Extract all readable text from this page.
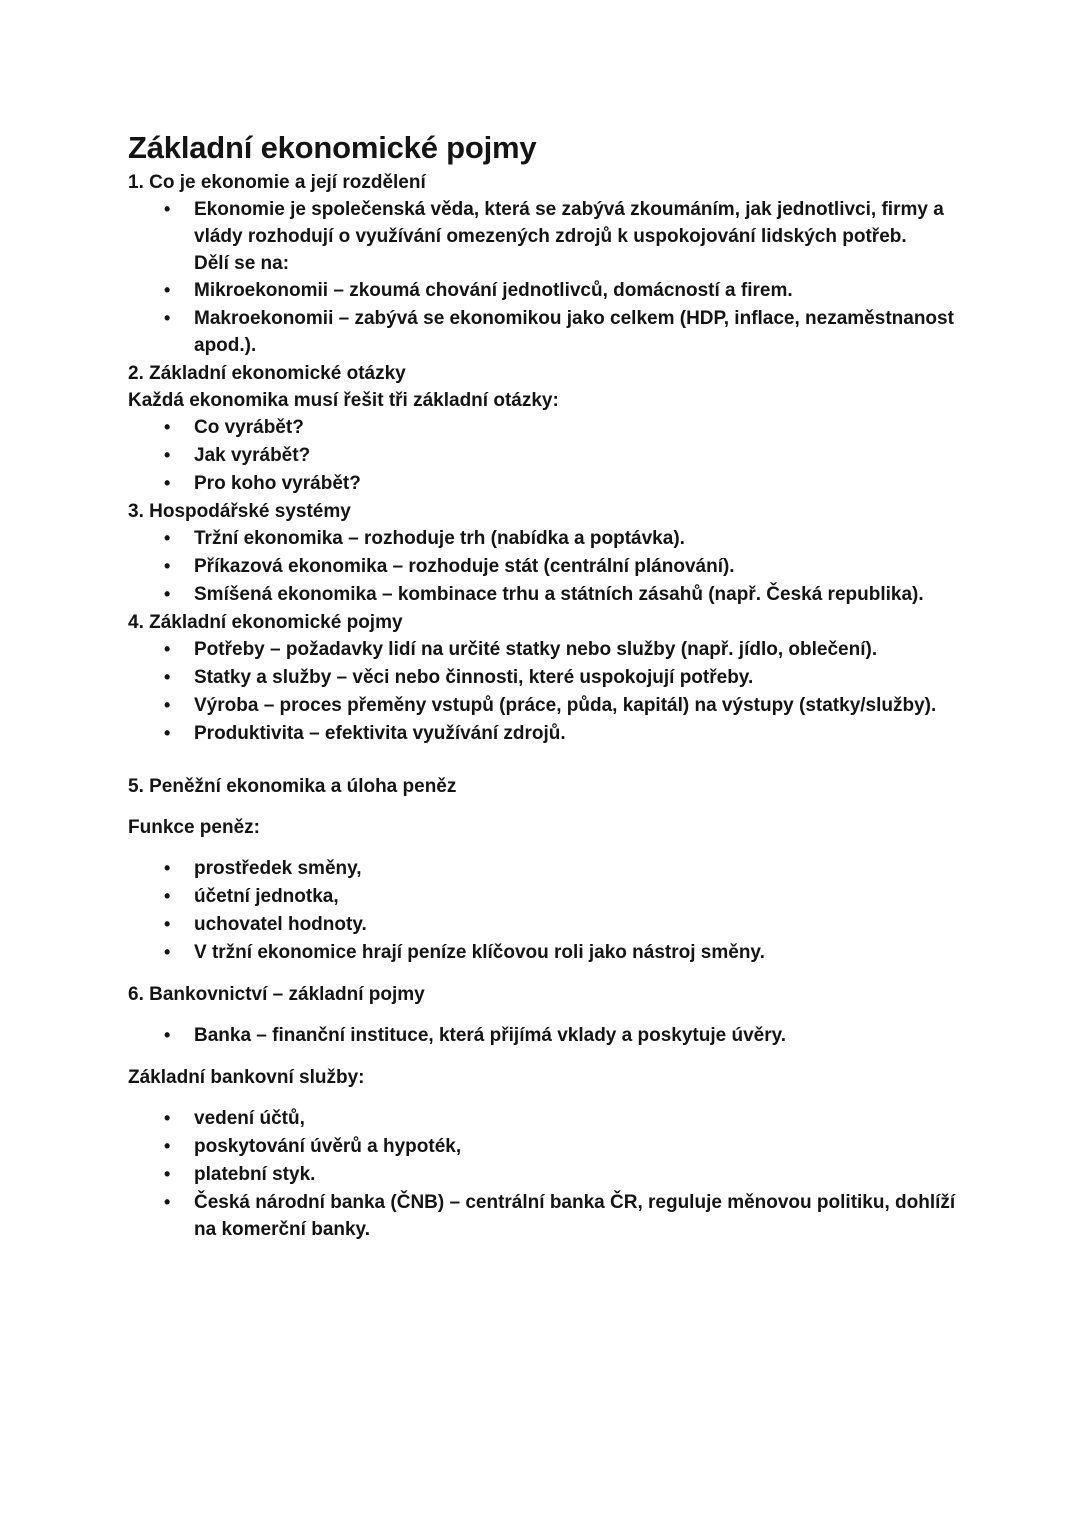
Základní ekonomické pojmy
1. Co je ekonomie a její rozdělení
•	Ekonomie je společenská věda, která se zabývá zkoumáním, jak jednotlivci, firmy a vlády rozhodují o využívání omezených zdrojů k uspokojování lidských potřeb.
Dělí se na:
•	Mikroekonomii – zkoumá chování jednotlivců, domácností a firem.
•	Makroekonomii – zabývá se ekonomikou jako celkem (HDP, inflace, nezaměstnanost apod.).
2. Základní ekonomické otázky
Každá ekonomika musí řešit tři základní otázky:
•	Co vyrábět?
•	Jak vyrábět?
•	Pro koho vyrábět?
3. Hospodářské systémy
•	Tržní ekonomika – rozhoduje trh (nabídka a poptávka).
•	Příkazová ekonomika – rozhoduje stát (centrální plánování).
•	Smíšená ekonomika – kombinace trhu a státních zásahů (např. Česká republika).
4. Základní ekonomické pojmy
•	Potřeby – požadavky lidí na určité statky nebo služby (např. jídlo, oblečení).
•	Statky a služby – věci nebo činnosti, které uspokojují potřeby.
•	Výroba – proces přeměny vstupů (práce, půda, kapitál) na výstupy (statky/služby).
•	Produktivita – efektivita využívání zdrojů.
5. Peněžní ekonomika a úloha peněz
Funkce peněz:
•	prostředek směny,
•	účetní jednotka,
•	uchovatel hodnoty.
•	V tržní ekonomice hrají peníze klíčovou roli jako nástroj směny.
6. Bankovnictví – základní pojmy
•	Banka – finanční instituce, která přijímá vklady a poskytuje úvěry.
Základní bankovní služby:
•	vedení účtů,
•	poskytování úvěrů a hypoték,
•	platební styk.
•	Česká národní banka (ČNB) – centrální banka ČR, reguluje měnovou politiku, dohlíží na komerční banky.
